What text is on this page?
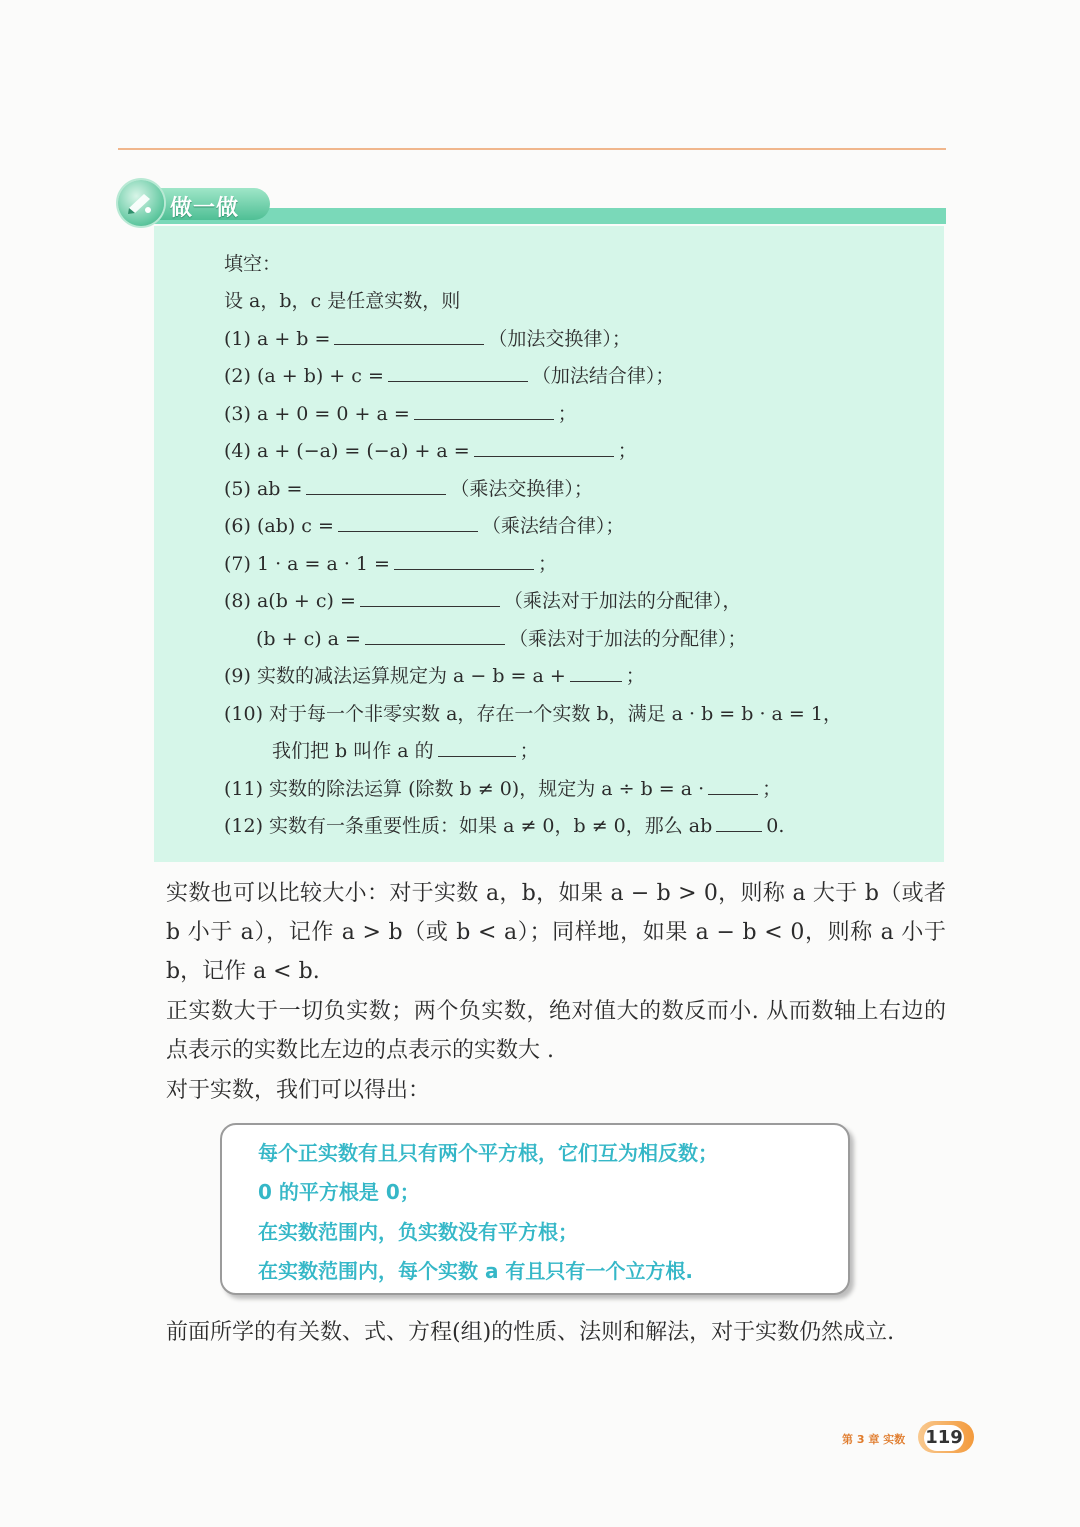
做一做
填空：
设 a，b，c 是任意实数，则
(1) a + b =	（加法交换律）；
(2) (a + b) + c =	（加法结合律）；
(3) a + 0 = 0 + a =	；
(4) a + (−a) = (−a) + a =	；
(5) ab =	（乘法交换律）；
(6) (ab) c =	（乘法结合律）；
(7) 1 · a = a · 1 =	；
(8) a(b + c) =	（乘法对于加法的分配律），
(b + c) a =	（乘法对于加法的分配律）；
(9) 实数的减法运算规定为 a − b = a +	；
(10) 对于每一个非零实数 a，存在一个实数 b，满足 a · b = b · a = 1，
我们把 b 叫作 a 的	；
(11) 实数的除法运算 (除数 b ≠ 0)，规定为 a ÷ b = a ·	；
(12) 实数有一条重要性质：如果 a ≠ 0，b ≠ 0，那么 ab	0.
实数也可以比较大小：对于实数 a，b，如果 a − b > 0，则称 a 大于 b（或者 b 小于 a），记作 a > b（或 b < a）；同样地，如果 a − b < 0，则称 a 小于 b，记作 a < b.
正实数大于一切负实数；两个负实数，绝对值大的数反而小. 从而数轴上右边的点表示的实数比左边的点表示的实数大 .
对于实数，我们可以得出：
每个正实数有且只有两个平方根，它们互为相反数；
0 的平方根是 0；
在实数范围内，负实数没有平方根；
在实数范围内，每个实数 a 有且只有一个立方根.
前面所学的有关数、式、方程(组)的性质、法则和解法，对于实数仍然成立.
第 3 章 实数 119
